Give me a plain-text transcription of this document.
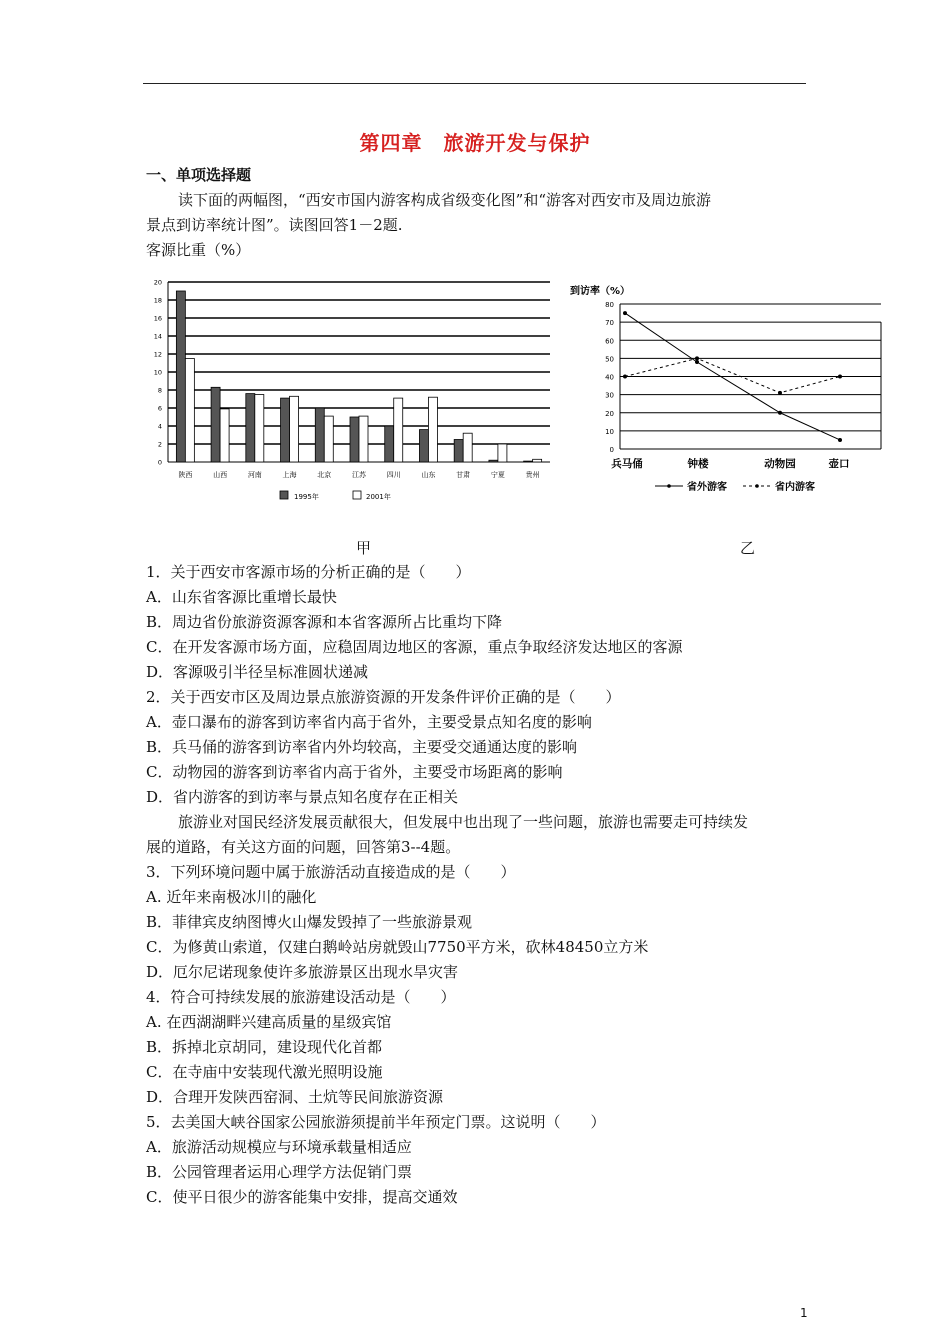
第四章　旅游开发与保护
一、单项选择题
读下面的两幅图，“西安市国内游客构成省级变化图”和“游客对西安市及周边旅游
景点到访率统计图”。读图回答1－2题.
客源比重（%）
0
2
4
6
8
10
12
14
16
18
20
陕西	山西	河南	上海	北京	江苏	四川	山东	甘肃	宁夏	贵州
1995年	2001年
到访率（%）
0
10
20
30
40
50
60
70
80
兵马俑	钟楼	动物园	壶口
省外游客	省内游客
甲	乙
1．关于西安市客源市场的分析正确的是（　　）
A．山东省客源比重增长最快
B．周边省份旅游资源客源和本省客源所占比重均下降
C．在开发客源市场方面，应稳固周边地区的客源，重点争取经济发达地区的客源
D．客源吸引半径呈标准圆状递减
2．关于西安市区及周边景点旅游资源的开发条件评价正确的是（　　）
A．壶口瀑布的游客到访率省内高于省外，主要受景点知名度的影响
B．兵马俑的游客到访率省内外均较高，主要受交通通达度的影响
C．动物园的游客到访率省内高于省外，主要受市场距离的影响
D．省内游客的到访率与景点知名度存在正相关
旅游业对国民经济发展贡献很大，但发展中也出现了一些问题，旅游也需要走可持续发
展的道路，有关这方面的问题，回答第3--4题。
3．下列环境问题中属于旅游活动直接造成的是（　　）
A. 近年来南极冰川的融化
B．菲律宾皮纳图博火山爆发毁掉了一些旅游景观
C．为修黄山索道，仅建白鹅岭站房就毁山7750平方米，砍林48450立方米
D．厄尔尼诺现象使许多旅游景区出现水旱灾害
4．符合可持续发展的旅游建设活动是（　　）
A. 在西湖湖畔兴建高质量的星级宾馆
B．拆掉北京胡同，建设现代化首都
C．在寺庙中安装现代激光照明设施
D．合理开发陕西窑洞、土炕等民间旅游资源
5．去美国大峡谷国家公园旅游须提前半年预定门票。这说明（　　）
A．旅游活动规模应与环境承载量相适应
B．公园管理者运用心理学方法促销门票
C．使平日很少的游客能集中安排，提高交通效
1
